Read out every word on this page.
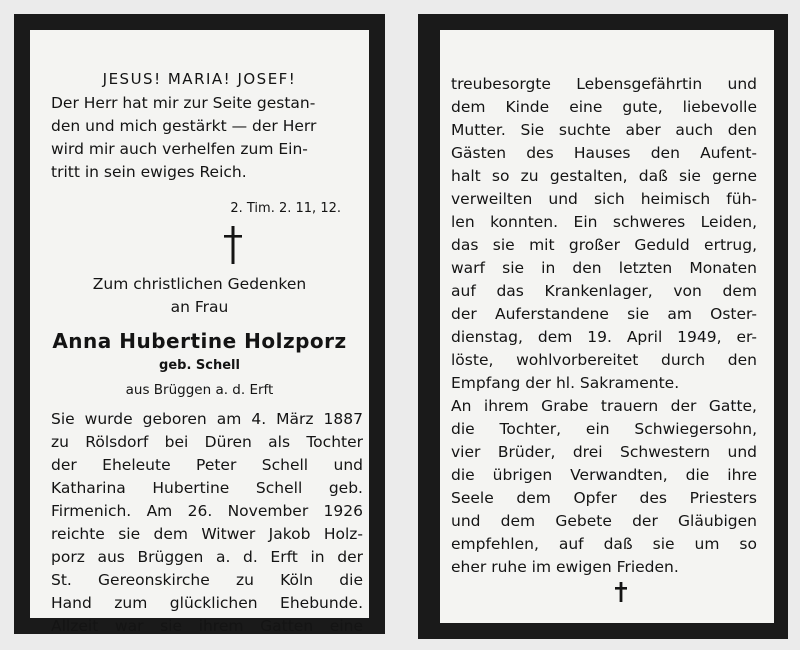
JESUS! MARIA! JOSEF!
Der Herr hat mir zur Seite gestan-
den und mich gestärkt — der Herr
wird mir auch verhelfen zum Ein-
tritt in sein ewiges Reich.
2. Tim. 2. 11, 12.
Zum christlichen Gedenken
an Frau
Anna Hubertine Holzporz
geb. Schell
aus Brüggen a. d. Erft
Sie wurde geboren am 4. März 1887
zu Rölsdorf bei Düren als Tochter
der Eheleute Peter Schell und
Katharina Hubertine Schell geb.
Firmenich. Am 26. November 1926
reichte sie dem Witwer Jakob Holz-
porz aus Brüggen a. d. Erft in der
St. Gereonskirche zu Köln die
Hand zum glücklichen Ehebunde.
Allzeit war sie ihrem Gatten eine
treubesorgte Lebensgefährtin und
dem Kinde eine gute, liebevolle
Mutter. Sie suchte aber auch den
Gästen des Hauses den Aufent-
halt so zu gestalten, daß sie gerne
verweilten und sich heimisch füh-
len konnten. Ein schweres Leiden,
das sie mit großer Geduld ertrug,
warf sie in den letzten Monaten
auf das Krankenlager, von dem
der Auferstandene sie am Oster-
dienstag, dem 19. April 1949, er-
löste, wohlvorbereitet durch den
Empfang der hl. Sakramente.
An ihrem Grabe trauern der Gatte,
die Tochter, ein Schwiegersohn,
vier Brüder, drei Schwestern und
die übrigen Verwandten, die ihre
Seele dem Opfer des Priesters
und dem Gebete der Gläubigen
empfehlen, auf daß sie um so
eher ruhe im ewigen Frieden.
